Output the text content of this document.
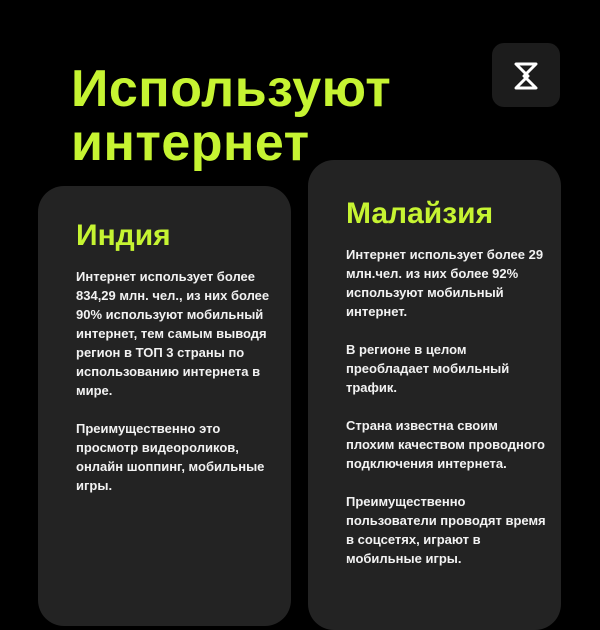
Используют
интернет
Индия

Интернет использует более 834,29 млн. чел., из них более 90% используют мобильный интернет, тем самым выводя регион в ТОП 3 страны по использованию интернета в мире.

Преимущественно это просмотр видеороликов, онлайн шоппинг, мобильные игры.

Малайзия

Интернет использует более 29 млн.чел. из них более 92% используют мобильный интернет.

В регионе в целом преобладает мобильный трафик.

Страна известна своим плохим качеством проводного подключения интернета.

Преимущественно пользователи проводят время в соцсетях, играют в мобильные игры.
